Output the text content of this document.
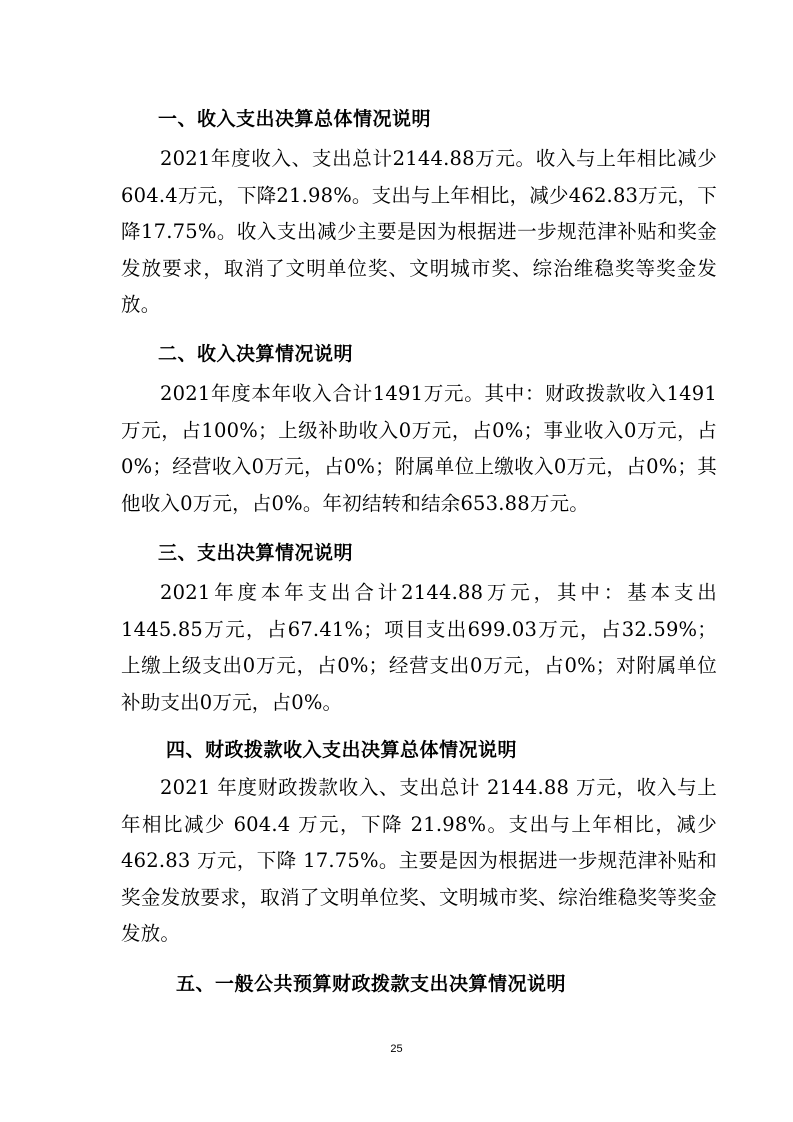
一、收入支出决算总体情况说明
2021年度收入、支出总计2144.88万元。收入与上年相比减少604.4万元，下降21.98%。支出与上年相比，减少462.83万元，下降17.75%。收入支出减少主要是因为根据进一步规范津补贴和奖金发放要求，取消了文明单位奖、文明城市奖、综治维稳奖等奖金发放。
二、收入决算情况说明
2021年度本年收入合计1491万元。其中：财政拨款收入1491万元，占100%；上级补助收入0万元，占0%；事业收入0万元，占0%；经营收入0万元，占0%；附属单位上缴收入0万元，占0%；其他收入0万元，占0%。年初结转和结余653.88万元。
三、支出决算情况说明
2021年度本年支出合计2144.88万元，其中：基本支出1445.85万元，占67.41%；项目支出699.03万元，占32.59%；上缴上级支出0万元，占0%；经营支出0万元，占0%；对附属单位补助支出0万元，占0%。
四、财政拨款收入支出决算总体情况说明
2021 年度财政拨款收入、支出总计 2144.88 万元，收入与上年相比减少 604.4 万元，下降 21.98%。支出与上年相比，减少 462.83 万元，下降 17.75%。主要是因为根据进一步规范津补贴和奖金发放要求，取消了文明单位奖、文明城市奖、综治维稳奖等奖金发放。
五、一般公共预算财政拨款支出决算情况说明
25
